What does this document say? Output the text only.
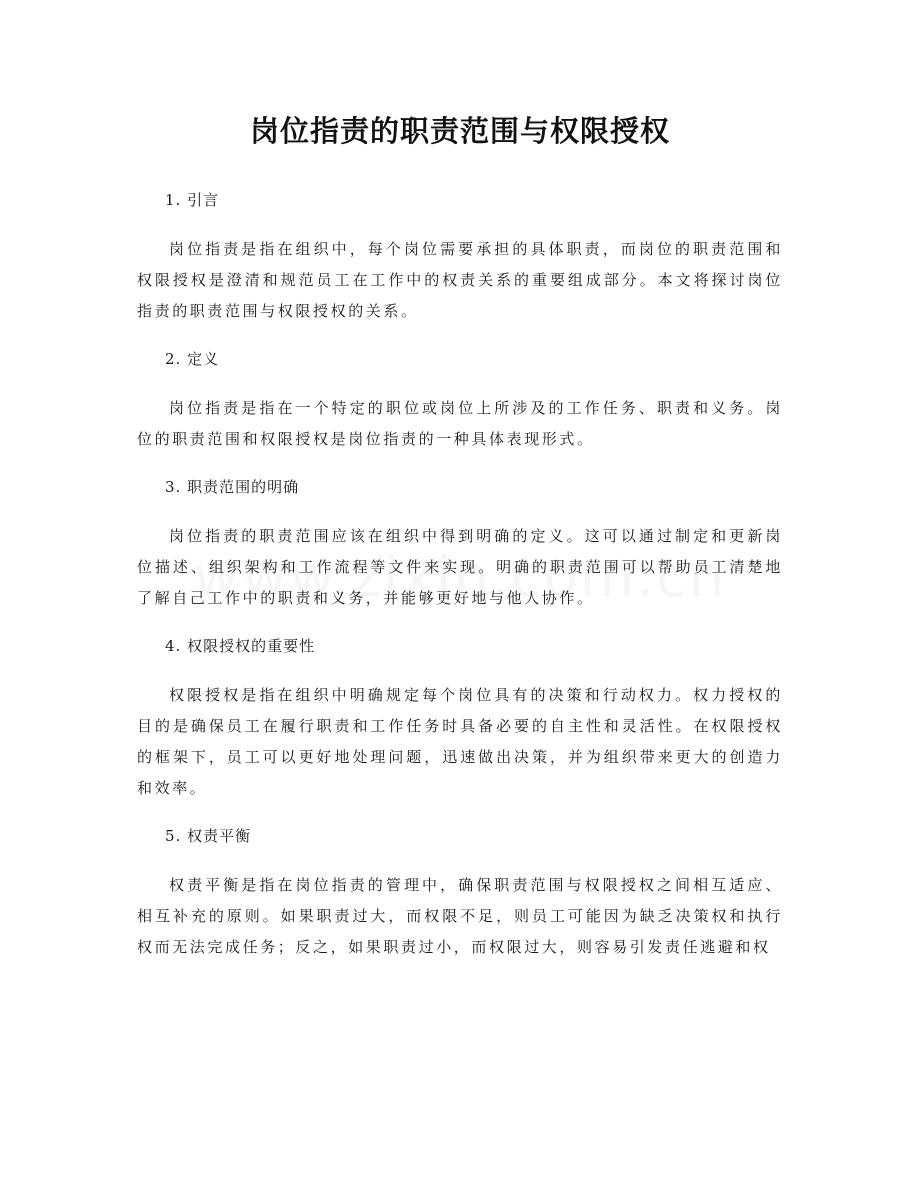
岗位指责的职责范围与权限授权

1. 引言

岗位指责是指在组织中，每个岗位需要承担的具体职责，而岗位的职责范围和权限授权是澄清和规范员工在工作中的权责关系的重要组成部分。本文将探讨岗位指责的职责范围与权限授权的关系。

2. 定义

岗位指责是指在一个特定的职位或岗位上所涉及的工作任务、职责和义务。岗位的职责范围和权限授权是岗位指责的一种具体表现形式。

3. 职责范围的明确

岗位指责的职责范围应该在组织中得到明确的定义。这可以通过制定和更新岗位描述、组织架构和工作流程等文件来实现。明确的职责范围可以帮助员工清楚地了解自己工作中的职责和义务，并能够更好地与他人协作。

4. 权限授权的重要性

权限授权是指在组织中明确规定每个岗位具有的决策和行动权力。权力授权的目的是确保员工在履行职责和工作任务时具备必要的自主性和灵活性。在权限授权的框架下，员工可以更好地处理问题，迅速做出决策，并为组织带来更大的创造力和效率。

5. 权责平衡

权责平衡是指在岗位指责的管理中，确保职责范围与权限授权之间相互适应、相互补充的原则。如果职责过大，而权限不足，则员工可能因为缺乏决策权和执行权而无法完成任务；反之，如果职责过小，而权限过大，则容易引发责任逃避和权
